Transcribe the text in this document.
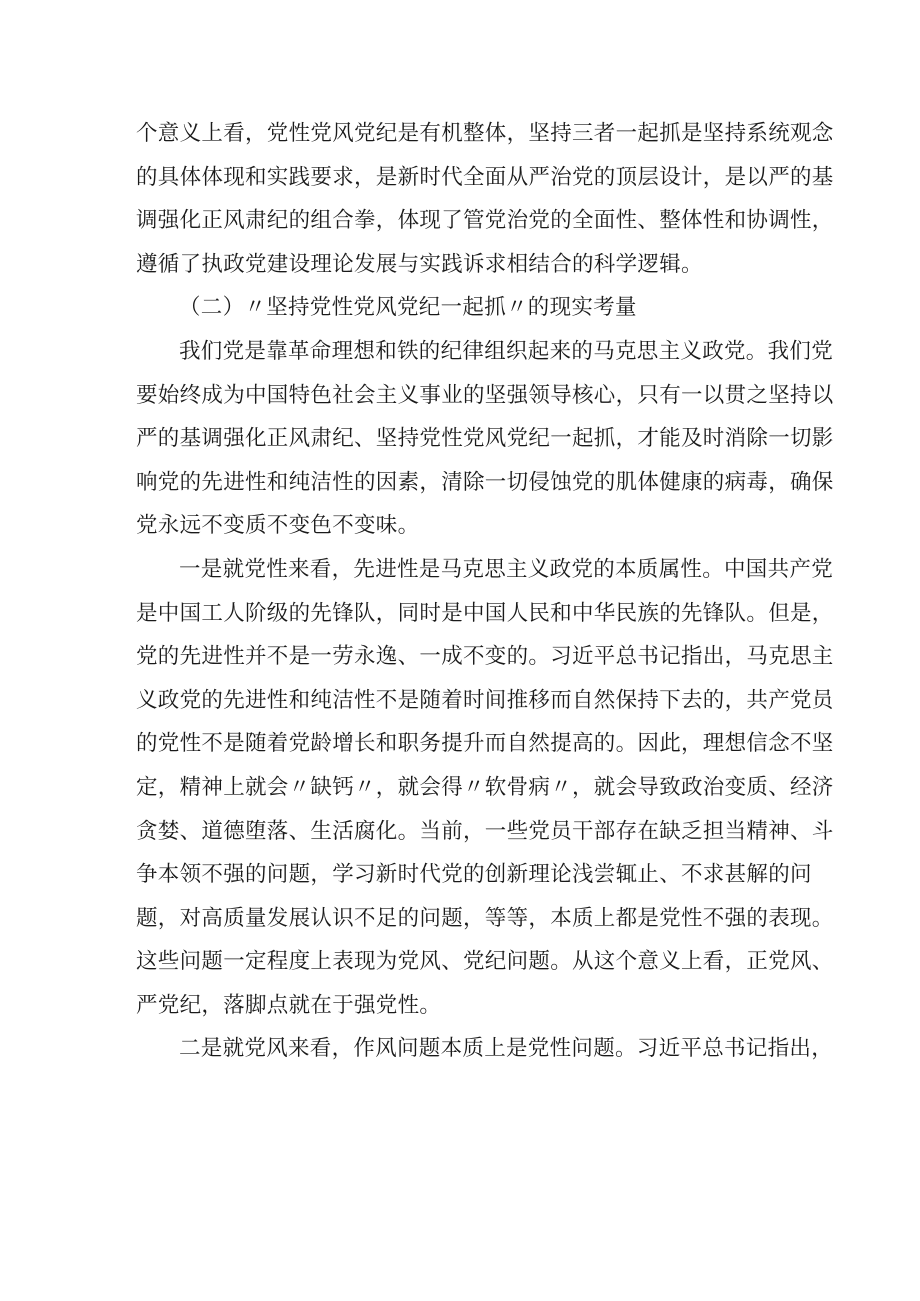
个意义上看，党性党风党纪是有机整体，坚持三者一起抓是坚持系统观念
的具体体现和实践要求，是新时代全面从严治党的顶层设计，是以严的基
调强化正风肃纪的组合拳，体现了管党治党的全面性、整体性和协调性，
遵循了执政党建设理论发展与实践诉求相结合的科学逻辑。
（二）〃坚持党性党风党纪一起抓〃的现实考量
我们党是靠革命理想和铁的纪律组织起来的马克思主义政党。我们党
要始终成为中国特色社会主义事业的坚强领导核心，只有一以贯之坚持以
严的基调强化正风肃纪、坚持党性党风党纪一起抓，才能及时消除一切影
响党的先进性和纯洁性的因素，清除一切侵蚀党的肌体健康的病毒，确保
党永远不变质不变色不变味。
一是就党性来看，先进性是马克思主义政党的本质属性。中国共产党
是中国工人阶级的先锋队，同时是中国人民和中华民族的先锋队。但是，
党的先进性并不是一劳永逸、一成不变的。习近平总书记指出，马克思主
义政党的先进性和纯洁性不是随着时间推移而自然保持下去的，共产党员
的党性不是随着党龄增长和职务提升而自然提高的。因此，理想信念不坚
定，精神上就会〃缺钙〃，就会得〃软骨病〃，就会导致政治变质、经济
贪婪、道德堕落、生活腐化。当前，一些党员干部存在缺乏担当精神、斗
争本领不强的问题，学习新时代党的创新理论浅尝辄止、不求甚解的问
题，对高质量发展认识不足的问题，等等，本质上都是党性不强的表现。
这些问题一定程度上表现为党风、党纪问题。从这个意义上看，正党风、
严党纪，落脚点就在于强党性。
二是就党风来看，作风问题本质上是党性问题。习近平总书记指出，
